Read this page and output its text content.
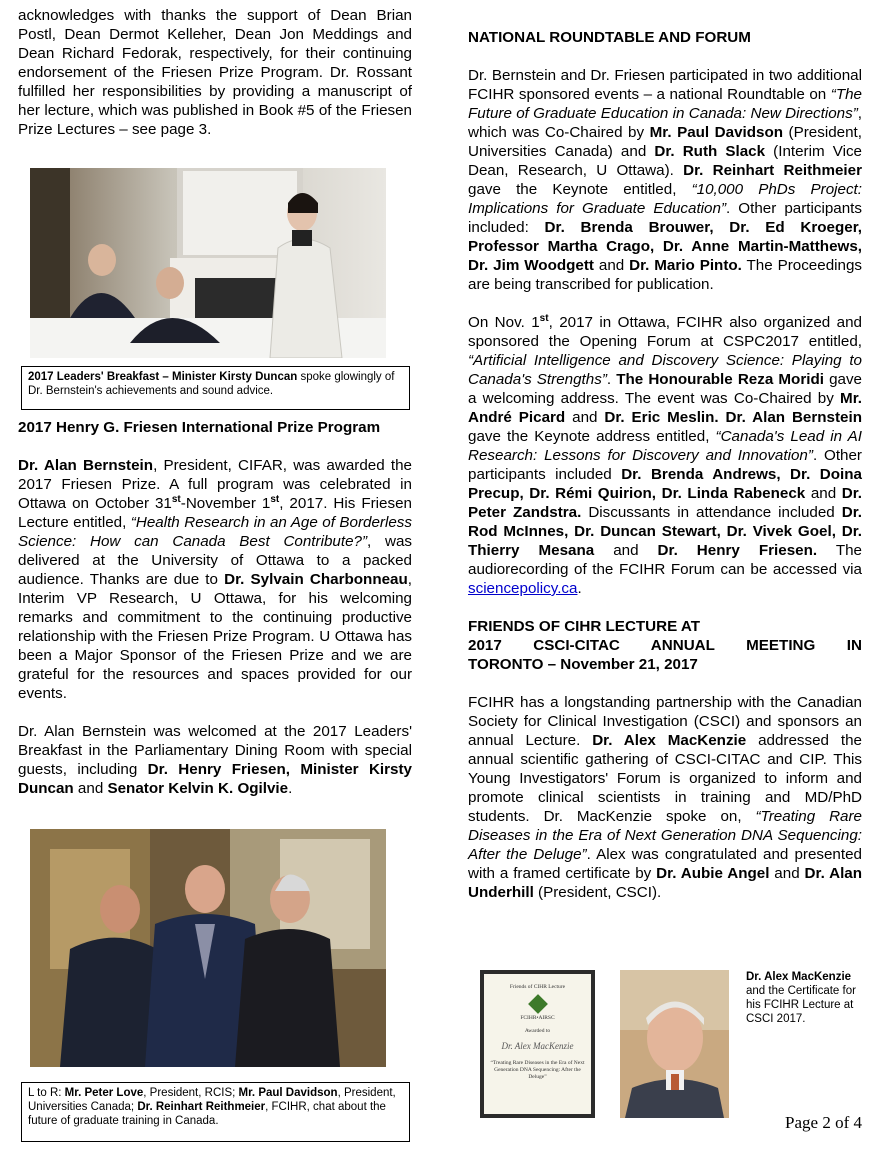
acknowledges with thanks the support of Dean Brian Postl, Dean Dermot Kelleher, Dean Jon Meddings and Dean Richard Fedorak, respectively, for their continuing endorsement of the Friesen Prize Program. Dr. Rossant fulfilled her responsibilities by providing a manuscript of her lecture, which was published in Book #5 of the Friesen Prize Lectures – see page 3.

2017 Leaders' Breakfast – Minister Kirsty Duncan spoke glowingly of Dr. Bernstein's achievements and sound advice.
2017 Henry G. Friesen International Prize Program

Dr. Alan Bernstein, President, CIFAR, was awarded the 2017 Friesen Prize. A full program was celebrated in Ottawa on October 31st-November 1st, 2017. His Friesen Lecture entitled, “Health Research in an Age of Borderless Science: How can Canada Best Contribute?”, was delivered at the University of Ottawa to a packed audience. Thanks are due to Dr. Sylvain Charbonneau, Interim VP Research, U Ottawa, for his welcoming remarks and commitment to the continuing productive relationship with the Friesen Prize Program. U Ottawa has been a Major Sponsor of the Friesen Prize and we are grateful for the resources and spaces provided for our events.

Dr. Alan Bernstein was welcomed at the 2017 Leaders' Breakfast in the Parliamentary Dining Room with special guests, including Dr. Henry Friesen, Minister Kirsty Duncan and Senator Kelvin K. Ogilvie.

L to R: Mr. Peter Love, President, RCIS; Mr. Paul Davidson, President, Universities Canada; Dr. Reinhart Reithmeier, FCIHR, chat about the future of graduate training in Canada.
NATIONAL ROUNDTABLE AND FORUM

Dr. Bernstein and Dr. Friesen participated in two additional FCIHR sponsored events – a national Roundtable on “The Future of Graduate Education in Canada: New Directions”, which was Co-Chaired by Mr. Paul Davidson (President, Universities Canada) and Dr. Ruth Slack (Interim Vice Dean, Research, U Ottawa). Dr. Reinhart Reithmeier gave the Keynote entitled, “10,000 PhDs Project: Implications for Graduate Education”. Other participants included: Dr. Brenda Brouwer, Dr. Ed Kroeger, Professor Martha Crago, Dr. Anne Martin-Matthews, Dr. Jim Woodgett and Dr. Mario Pinto. The Proceedings are being transcribed for publication.

On Nov. 1st, 2017 in Ottawa, FCIHR also organized and sponsored the Opening Forum at CSPC2017 entitled, “Artificial Intelligence and Discovery Science: Playing to Canada's Strengths”. The Honourable Reza Moridi gave a welcoming address. The event was Co-Chaired by Mr. André Picard and Dr. Eric Meslin. Dr. Alan Bernstein gave the Keynote address entitled, “Canada's Lead in AI Research: Lessons for Discovery and Innovation”. Other participants included Dr. Brenda Andrews, Dr. Doina Precup, Dr. Rémi Quirion, Dr. Linda Rabeneck and Dr. Peter Zandstra. Discussants in attendance included Dr. Rod McInnes, Dr. Duncan Stewart, Dr. Vivek Goel, Dr. Thierry Mesana and Dr. Henry Friesen. The audiorecording of the FCIHR Forum can be accessed via sciencepolicy.ca.

FRIENDS OF CIHR LECTURE AT
2017 CSCI-CITAC ANNUAL MEETING IN
TORONTO – November 21, 2017

FCIHR has a longstanding partnership with the Canadian Society for Clinical Investigation (CSCI) and sponsors an annual Lecture. Dr. Alex MacKenzie addressed the annual scientific gathering of CSCI-CITAC and CIP. This Young Investigators' Forum is organized to inform and promote clinical scientists in training and MD/PhD students. Dr. MacKenzie spoke on, “Treating Rare Diseases in the Era of Next Generation DNA Sequencing: After the Deluge”. Alex was congratulated and presented with a framed certificate by Dr. Aubie Angel and Dr. Alan Underhill (President, CSCI).

Friends of CIHR Lecture
FCIHR•AIRSC
Awarded to
Dr. Alex MacKenzie
“Treating Rare Diseases in the Era of Next Generation DNA Sequencing: After the Deluge”
Dr. Alex MacKenzie and the Certificate for his FCIHR Lecture at CSCI 2017.
Page 2 of 4
